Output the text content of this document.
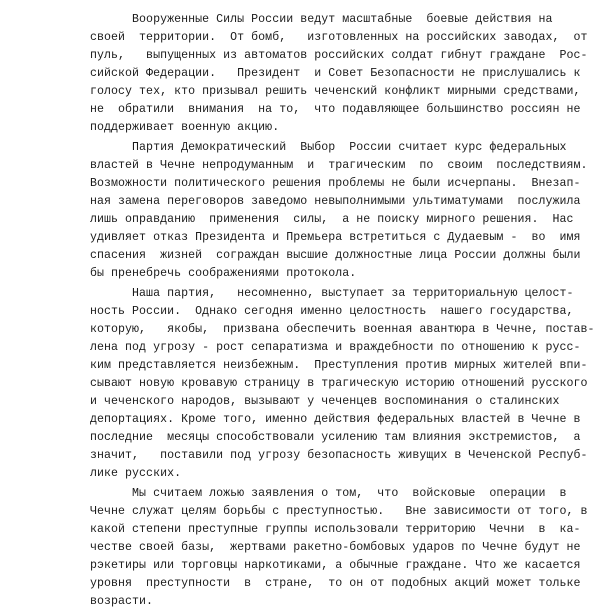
Вооруженные Силы России ведут масштабные  боевые действия на
своей  территории.  От бомб,   изготовленных на российских заводах,  от
пуль,   выпущенных из автоматов российских солдат гибнут граждане  Рос-
сийской Федерации.   Президент  и Совет Безопасности не прислушались к
голосу тех, кто призывал решить чеченский конфликт мирными средствами,
не  обратили  внимания  на то,  что подавляющее большинство россиян не
поддерживает военную акцию.
Партия Демократический  Выбор  России считает курс федеральных
властей в Чечне непродуманным  и  трагическим  по  своим  последствиям.
Возможности политического решения проблемы не были исчерпаны.  Внезап-
ная замена переговоров заведомо невыполнимыми ультиматумами  послужила
лишь оправданию  применения  силы,  а не поиску мирного решения.  Нас
удивляет отказ Президента и Премьера встретиться с Дудаевым -  во  имя
спасения  жизней  сограждан высшие должностные лица России должны были
бы пренебречь соображениями протокола.
Наша партия,   несомненно, выступает за территориальную целост-
ность России.  Однако сегодня именно целостность  нашего государства,
которую,   якобы,  призвана обеспечить военная авантюра в Чечне, постав-
лена под угрозу - рост сепаратизма и враждебности по отношению к русс-
ким представляется неизбежным.  Преступления против мирных жителей впи-
сывают новую кровавую страницу в трагическую историю отношений русского
и чеченского народов, вызывают у чеченцев воспоминания о сталинских
депортациях. Кроме того, именно действия федеральных властей в Чечне в
последние  месяцы способствовали усилению там влияния экстремистов,  а
значит,   поставили под угрозу безопасность живущих в Чеченской Респуб-
лике русских.
Мы считаем ложью заявления о том,  что  войсковые  операции  в
Чечне служат целям борьбы с преступностью.   Вне зависимости от того, в
какой степени преступные группы использовали территорию  Чечни  в  ка-
честве своей базы,  жертвами ракетно-бомбовых ударов по Чечне будут не
рэкетиры или торговцы наркотиками, а обычные граждане. Что же касается
уровня  преступности  в  стране,  то он от подобных акций может тольке
возрасти.
